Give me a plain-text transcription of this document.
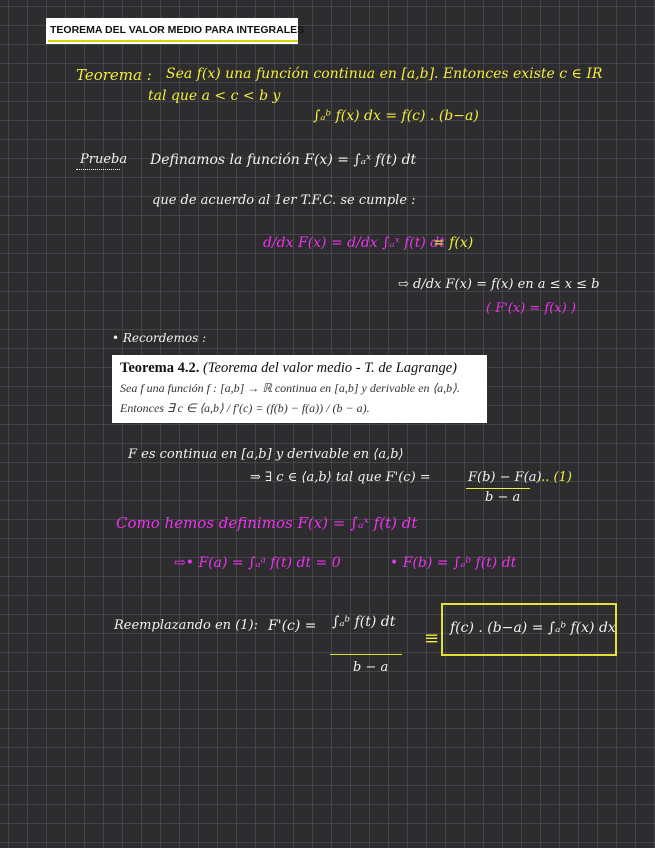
TEOREMA DEL VALOR MEDIO PARA INTEGRALES
Teorema : Sea f(x) una función continua en [a,b]. Entonces existe c ∈ IR
tal que a < c < b y
∫ₐᵇ f(x) dx = f(c) . (b−a)
Prueba Definamos la función F(x) = ∫ₐˣ f(t) dt
que de acuerdo al 1er T.F.C. se cumple :
d/dx F(x) = d/dx ∫ₐˣ f(t) dt
= f(x)
⇨ d/dx F(x) = f(x) en a ≤ x ≤ b
( F'(x) = f(x) )
• Recordemos :
Teorema 4.2. (Teorema del valor medio - T. de Lagrange)
Sea f una función f : [a,b] → ℝ continua en [a,b] y derivable en ⟨a,b⟩.
Entonces ∃ c ∈ ⟨a,b⟩ / f′(c) = (f(b) − f(a)) / (b − a).
F es continua en [a,b] y derivable en ⟨a,b⟩
⇒ ∃ c ∈ ⟨a,b⟩ tal que F'(c) =	F(b) − F(a)
b − a
... (1)
Como hemos definimos F(x) = ∫ₐˣ f(t) dt
⇨• F(a) = ∫ₐᵃ f(t) dt = 0	• F(b) = ∫ₐᵇ f(t) dt
Reemplazando en (1): F'(c) = ∫ₐᵇ f(t) dt
b − a
≡ f(c) . (b−a) = ∫ₐᵇ f(x) dx
